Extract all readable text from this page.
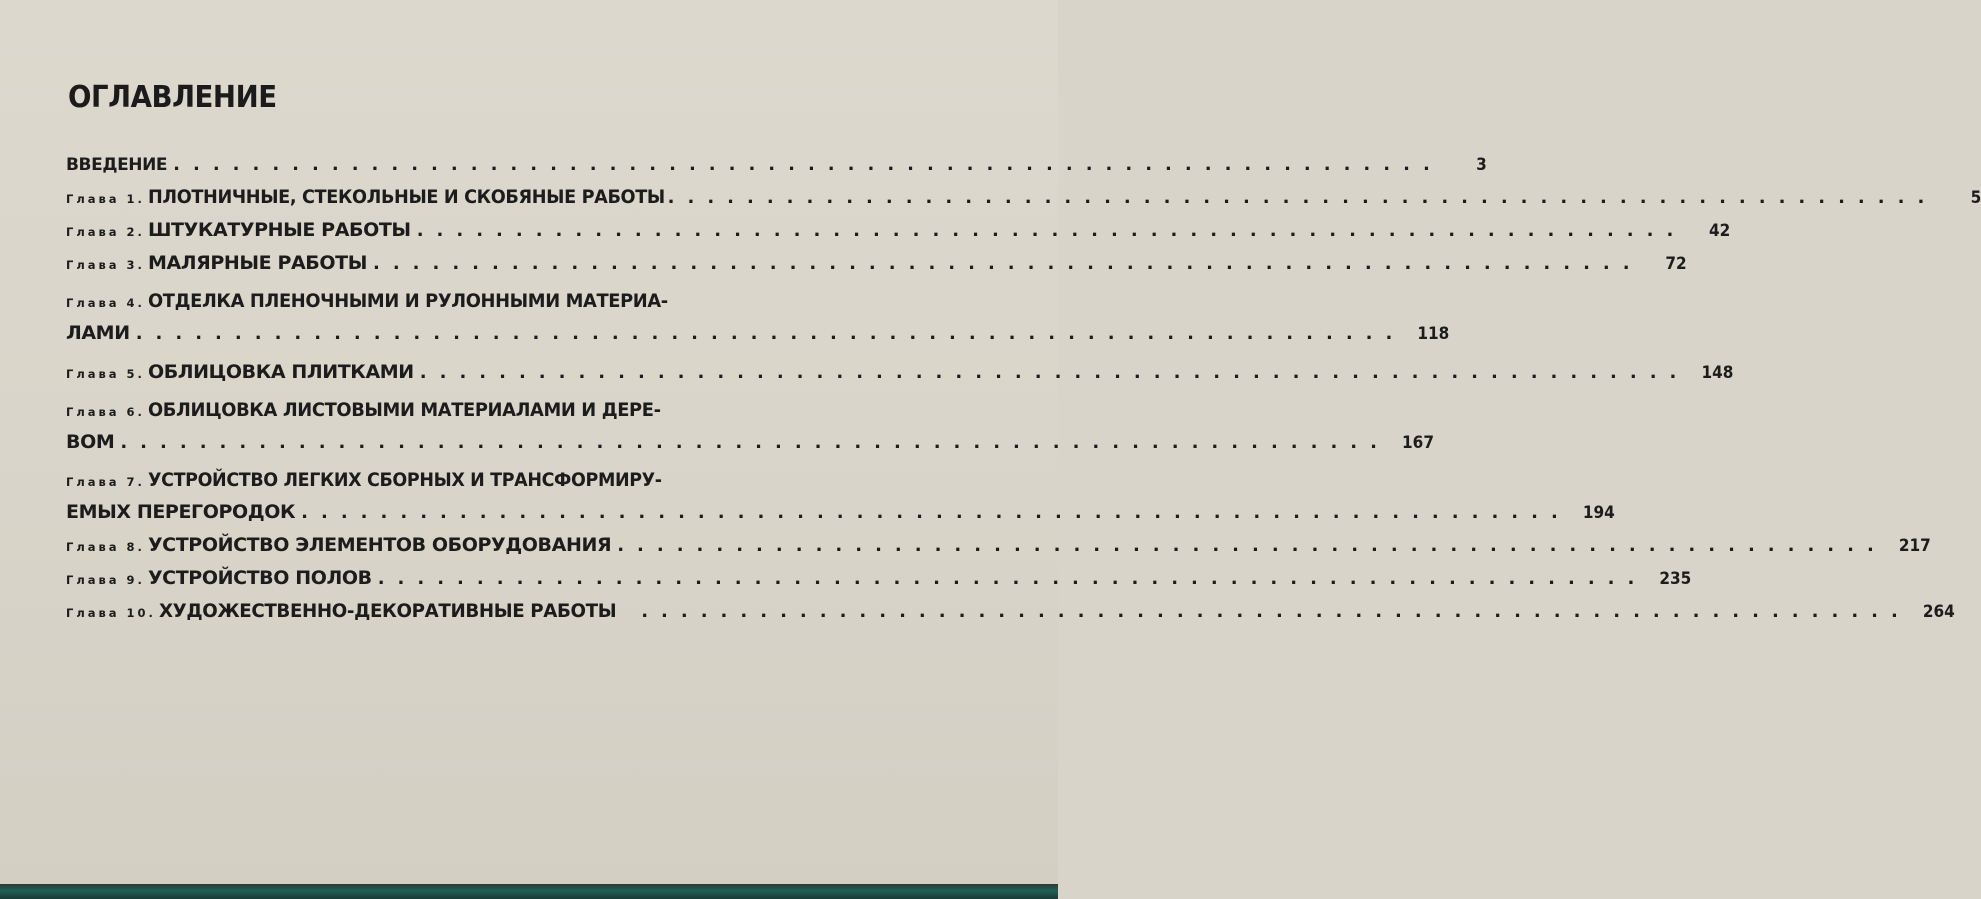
ОГЛАВЛЕНИЕ
ВВЕДЕНИЕ ................................................................	3
Глава 1. ПЛОТНИЧНЫЕ, СТЕКОЛЬНЫЕ И СКОБЯНЫЕ РАБОТЫ ................................................................	5
Глава 2. ШТУКАТУРНЫЕ РАБОТЫ ................................................................	42
Глава 3. МАЛЯРНЫЕ РАБОТЫ ................................................................	72
Глава 4. ОТДЕЛКА ПЛЕНОЧНЫМИ И РУЛОННЫМИ МАТЕРИА-
ЛАМИ ................................................................ 118
Глава 5. ОБЛИЦОВКА ПЛИТКАМИ ................................................................ 148
Глава 6. ОБЛИЦОВКА ЛИСТОВЫМИ МАТЕРИАЛАМИ И ДЕРЕ-
ВОМ ................................................................ 167
Глава 7. УСТРОЙСТВО ЛЕГКИХ СБОРНЫХ И ТРАНСФОРМИРУ-
ЕМЫХ ПЕРЕГОРОДОК ................................................................ 194
Глава 8. УСТРОЙСТВО ЭЛЕМЕНТОВ ОБОРУДОВАНИЯ ................................................................ 217
Глава 9. УСТРОЙСТВО ПОЛОВ ................................................................ 235
Глава 10. ХУДОЖЕСТВЕННО-ДЕКОРАТИВНЫЕ РАБОТЫ	................................................................ 264
